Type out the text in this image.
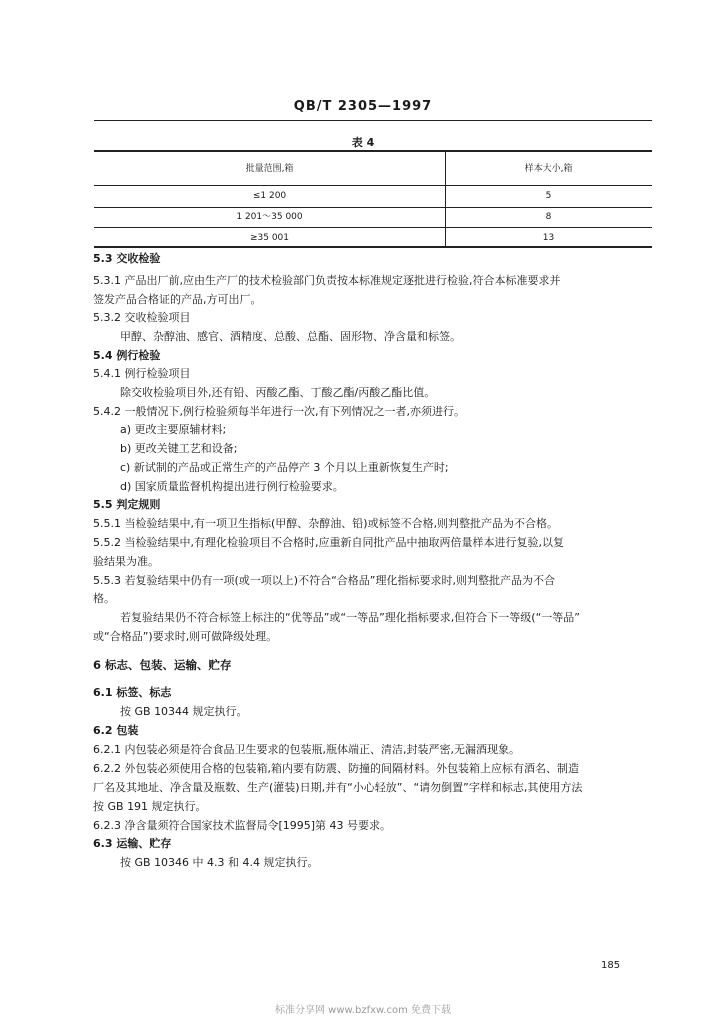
QB/T 2305—1997
表 4
批量范围,箱	样本大小,箱
≤1 200	5
1 201～35 000	8
≥35 001	13
5.3 交收检验
5.3.1 产品出厂前,应由生产厂的技术检验部门负责按本标准规定逐批进行检验,符合本标准要求并
签发产品合格证的产品,方可出厂。
5.3.2 交收检验项目
甲醇、杂醇油、感官、酒精度、总酸、总酯、固形物、净含量和标签。
5.4 例行检验
5.4.1 例行检验项目
除交收检验项目外,还有铅、丙酸乙酯、丁酸乙酯/丙酸乙酯比值。
5.4.2 一般情况下,例行检验须每半年进行一次,有下列情况之一者,亦须进行。
a) 更改主要原辅材料;
b) 更改关键工艺和设备;
c) 新试制的产品或正常生产的产品停产 3 个月以上重新恢复生产时;
d) 国家质量监督机构提出进行例行检验要求。
5.5 判定规则
5.5.1 当检验结果中,有一项卫生指标(甲醇、杂醇油、铅)或标签不合格,则判整批产品为不合格。
5.5.2 当检验结果中,有理化检验项目不合格时,应重新自同批产品中抽取两倍量样本进行复验,以复
验结果为准。
5.5.3 若复验结果中仍有一项(或一项以上)不符合“合格品”理化指标要求时,则判整批产品为不合
格。
若复验结果仍不符合标签上标注的“优等品”或“一等品”理化指标要求,但符合下一等级(“一等品”
或“合格品”)要求时,则可做降级处理。
6 标志、包装、运输、贮存
6.1 标签、标志
按 GB 10344 规定执行。
6.2 包装
6.2.1 内包装必须是符合食品卫生要求的包装瓶,瓶体端正、清洁,封装严密,无漏酒现象。
6.2.2 外包装必须使用合格的包装箱,箱内要有防震、防撞的间隔材料。外包装箱上应标有酒名、制造
厂名及其地址、净含量及瓶数、生产(灌装)日期,并有“小心轻放”、“请勿倒置”字样和标志,其使用方法
按 GB 191 规定执行。
6.2.3 净含量须符合国家技术监督局令[1995]第 43 号要求。
6.3 运输、贮存
按 GB 10346 中 4.3 和 4.4 规定执行。
185
标准分享网 www.bzfxw.com 免费下载
